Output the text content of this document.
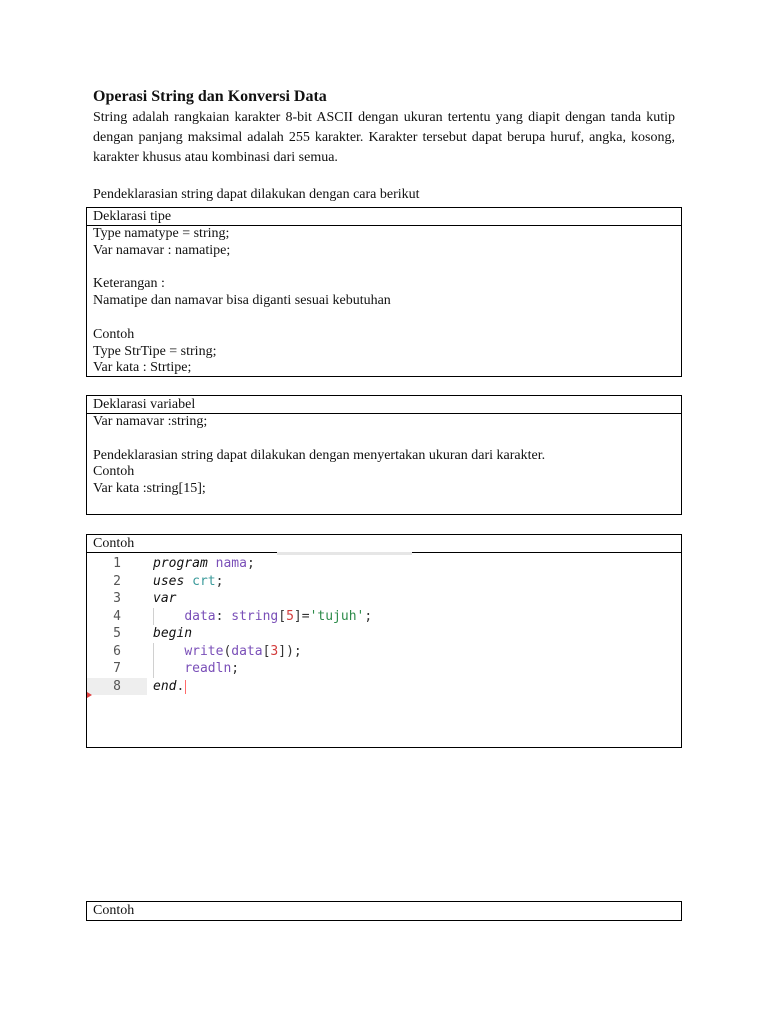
Operasi String dan Konversi Data

String adalah rangkaian karakter 8-bit ASCII dengan ukuran tertentu yang diapit dengan tanda kutip dengan panjang maksimal adalah 255 karakter. Karakter tersebut dapat berupa huruf, angka, kosong, karakter khusus atau kombinasi dari semua.

Pendeklarasian string dapat dilakukan dengan cara berikut

Deklarasi tipe
Type namatype = string;
Var namavar : namatipe;
Keterangan :
Namatipe dan namavar bisa diganti sesuai kebutuhan
Contoh
Type StrTipe = string;
Var kata : Strtipe;
Deklarasi variabel
Var namavar :string;
Pendeklarasian string dapat dilakukan dengan menyertakan ukuran dari karakter.
Contoh
Var kata :string[15];
Contoh
1	program nama;
2	uses crt;
3	var
4	data: string[5]='tujuh';
5	begin
6	write(data[3]);
7	readln;
8	end.
Contoh
